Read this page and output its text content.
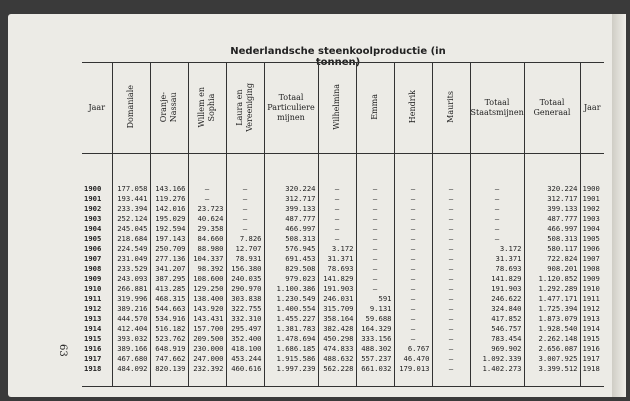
Nederlandsche steenkoolproductie (in tonnen)
63
Jaar	Domaniale	Oranje-
Nassau	Willem en
Sophia	Laura en
Vereeniging	Totaal
Particuliere
mijnen	Wilhelmina	Emma	Hendrik	Maurits	Totaal
Staatsmijnen	Totaal
Generaal	Jaar
1900	177.058	143.166	—	—	320.224	—	—	—	—	—	320.224	1900
1901	193.441	119.276	—	—	312.717	—	—	—	—	—	312.717	1901
1902	233.394	142.016	23.723	—	399.133	—	—	—	—	—	399.133	1902
1903	252.124	195.029	40.624	—	487.777	—	—	—	—	—	487.777	1903
1904	245.045	192.594	29.358	—	466.997	—	—	—	—	—	466.997	1904
1905	218.684	197.143	84.660	7.826	508.313	—	—	—	—	—	508.313	1905
1906	224.549	250.709	88.980	12.707	576.945	3.172	—	—	—	3.172	580.117	1906
1907	231.049	277.136	104.337	78.931	691.453	31.371	—	—	—	31.371	722.824	1907
1908	233.529	341.207	98.392	156.380	829.508	78.693	—	—	—	78.693	908.201	1908
1909	243.093	387.295	108.600	240.035	979.023	141.829	—	—	—	141.829	1.120.852	1909
1910	266.881	413.285	129.250	290.970	1.100.386	191.903	—	—	—	191.903	1.292.289	1910
1911	319.996	468.315	138.400	303.838	1.230.549	246.031	591	—	—	246.622	1.477.171	1911
1912	389.216	544.663	143.920	322.755	1.400.554	315.709	9.131	—	—	324.840	1.725.394	1912
1913	444.570	534.916	143.431	332.310	1.455.227	358.164	59.688	—	—	417.852	1.873.079	1913
1914	412.404	516.182	157.700	295.497	1.381.783	382.428	164.329	—	—	546.757	1.928.540	1914
1915	393.032	523.762	209.500	352.400	1.478.694	450.298	333.156	—	—	783.454	2.262.148	1915
1916	389.166	648.919	230.000	418.100	1.686.185	474.833	488.302	6.767	—	969.902	2.656.087	1916
1917	467.680	747.662	247.000	453.244	1.915.586	488.632	557.237	46.470	—	1.092.339	3.007.925	1917
1918	484.092	820.139	232.392	460.616	1.997.239	562.228	661.032	179.013	—	1.402.273	3.399.512	1918
